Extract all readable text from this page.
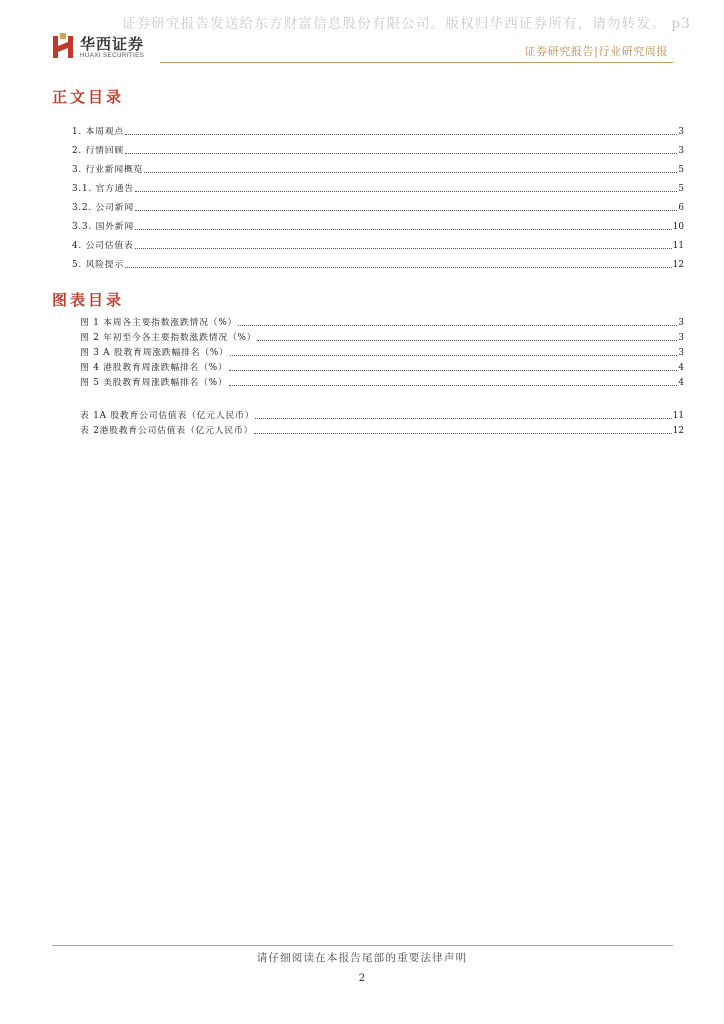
证券研究报告发送给东方财富信息股份有限公司。版权归华西证券所有，请勿转发。 p3
华西证券
HUAXI SECURITIES	证券研究报告|行业研究周报
正文目录
1. 本周观点	3
2. 行情回顾	3
3. 行业新闻概览	5
3.1. 官方通告	5
3.2. 公司新闻	6
3.3. 国外新闻	10
4. 公司估值表	11
5. 风险提示	12
图表目录
图 1 本周各主要指数涨跌情况（%）	3
图 2 年初至今各主要指数涨跌情况（%）	3
图 3 A 股教育周涨跌幅排名（%）	3
图 4 港股教育周涨跌幅排名（%）	4
图 5 美股教育周涨跌幅排名（%）	4
表 1A 股教育公司估值表（亿元人民币）	11
表 2港股教育公司估值表（亿元人民币）	12
请仔细阅读在本报告尾部的重要法律声明
2
